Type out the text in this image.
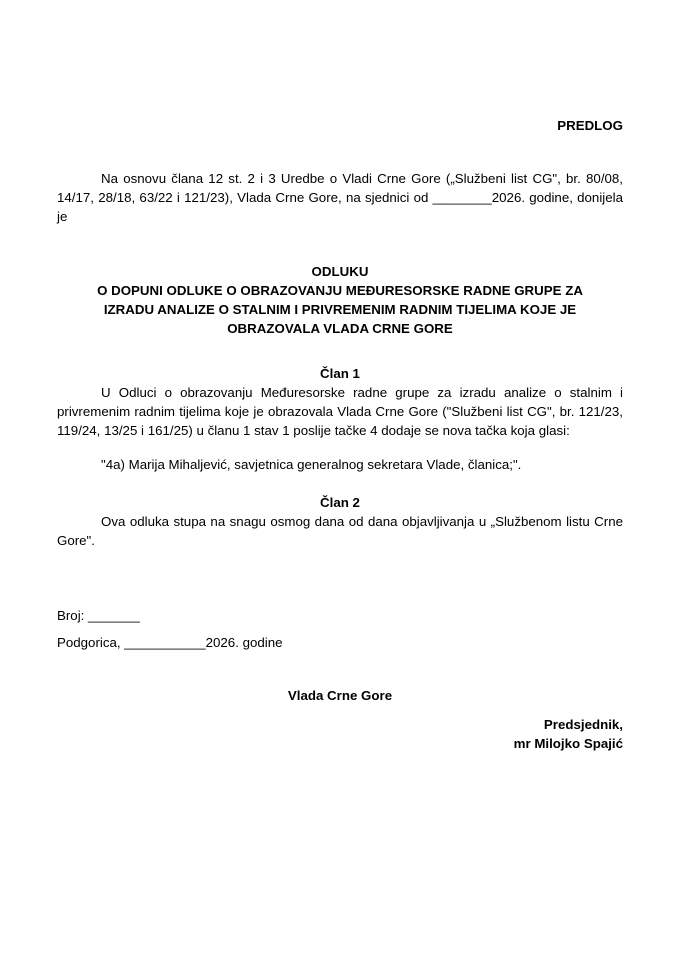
PREDLOG
Na osnovu člana 12 st. 2 i 3 Uredbe o Vladi Crne Gore („Službeni list CG", br. 80/08, 14/17, 28/18, 63/22 i 121/23), Vlada Crne Gore, na sjednici od ________2026. godine, donijela je
ODLUKU
O DOPUNI ODLUKE O OBRAZOVANJU MEĐURESORSKE RADNE GRUPE ZA
IZRADU ANALIZE O STALNIM I PRIVREMENIM RADNIM TIJELIMA KOJE JE
OBRAZOVALA VLADA CRNE GORE
Član 1
U Odluci o obrazovanju Međuresorske radne grupe za izradu analize o stalnim i privremenim radnim tijelima koje je obrazovala Vlada Crne Gore ("Službeni list CG", br. 121/23, 119/24, 13/25 i 161/25) u članu 1 stav 1 poslije tačke 4 dodaje se nova tačka koja glasi:
"4a) Marija Mihaljević, savjetnica generalnog sekretara Vlade, članica;".
Član 2
Ova odluka stupa na snagu osmog dana od dana objavljivanja u „Službenom listu Crne Gore".
Broj: _______
Podgorica, ___________2026. godine
Vlada Crne Gore
Predsjednik,
mr Milojko Spajić
